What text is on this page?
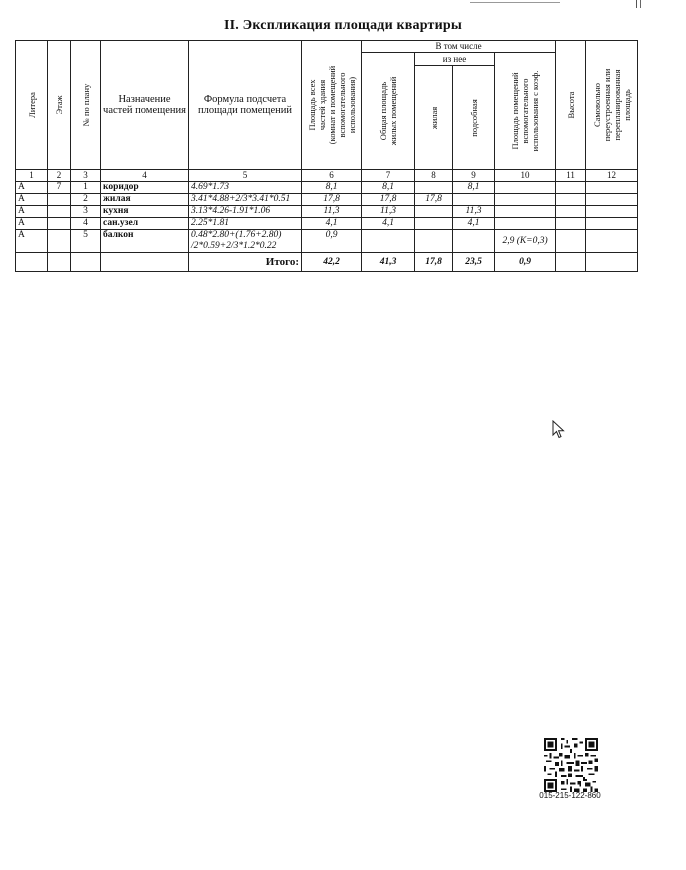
II. Экспликация площади квартиры
Литера	Этаж	№ по плану	Назначение частей помещения	Формула подсчета площади помещений	Площадь всех
частей здания
(комнат и помещений
вспомогательного
использования)	В том числе				Высота	Самовольно
переустроенная или
перепланированная
площадь

						Общая площадь
жилых помещений	из нее		Площадь помещений
вспомогательного
использования с коэф.		

							жилая	подсобная			

1	2	3	4	5	6	7	8	9	10	11	12
А	7	1	коридор	4.69*1.73	8,1	8,1		8,1			
А		2	жилая	3.41*4.88+2/3*3.41*0.51	17,8	17,8	17,8				
А		3	кухня	3.13*4.26-1.91*1.06	11,3	11,3		11,3			
А		4	сан.узел	2.25*1.81	4,1	4,1		4,1			
А		5	балкон	0.48*2.80+(1.76+2.80)
/2*0.59+2/3*1.2*0.22	0,9				2,9 (К=0,3)		
				Итого:	42,2	41,3	17,8	23,5	0,9		
015-215-122-860
